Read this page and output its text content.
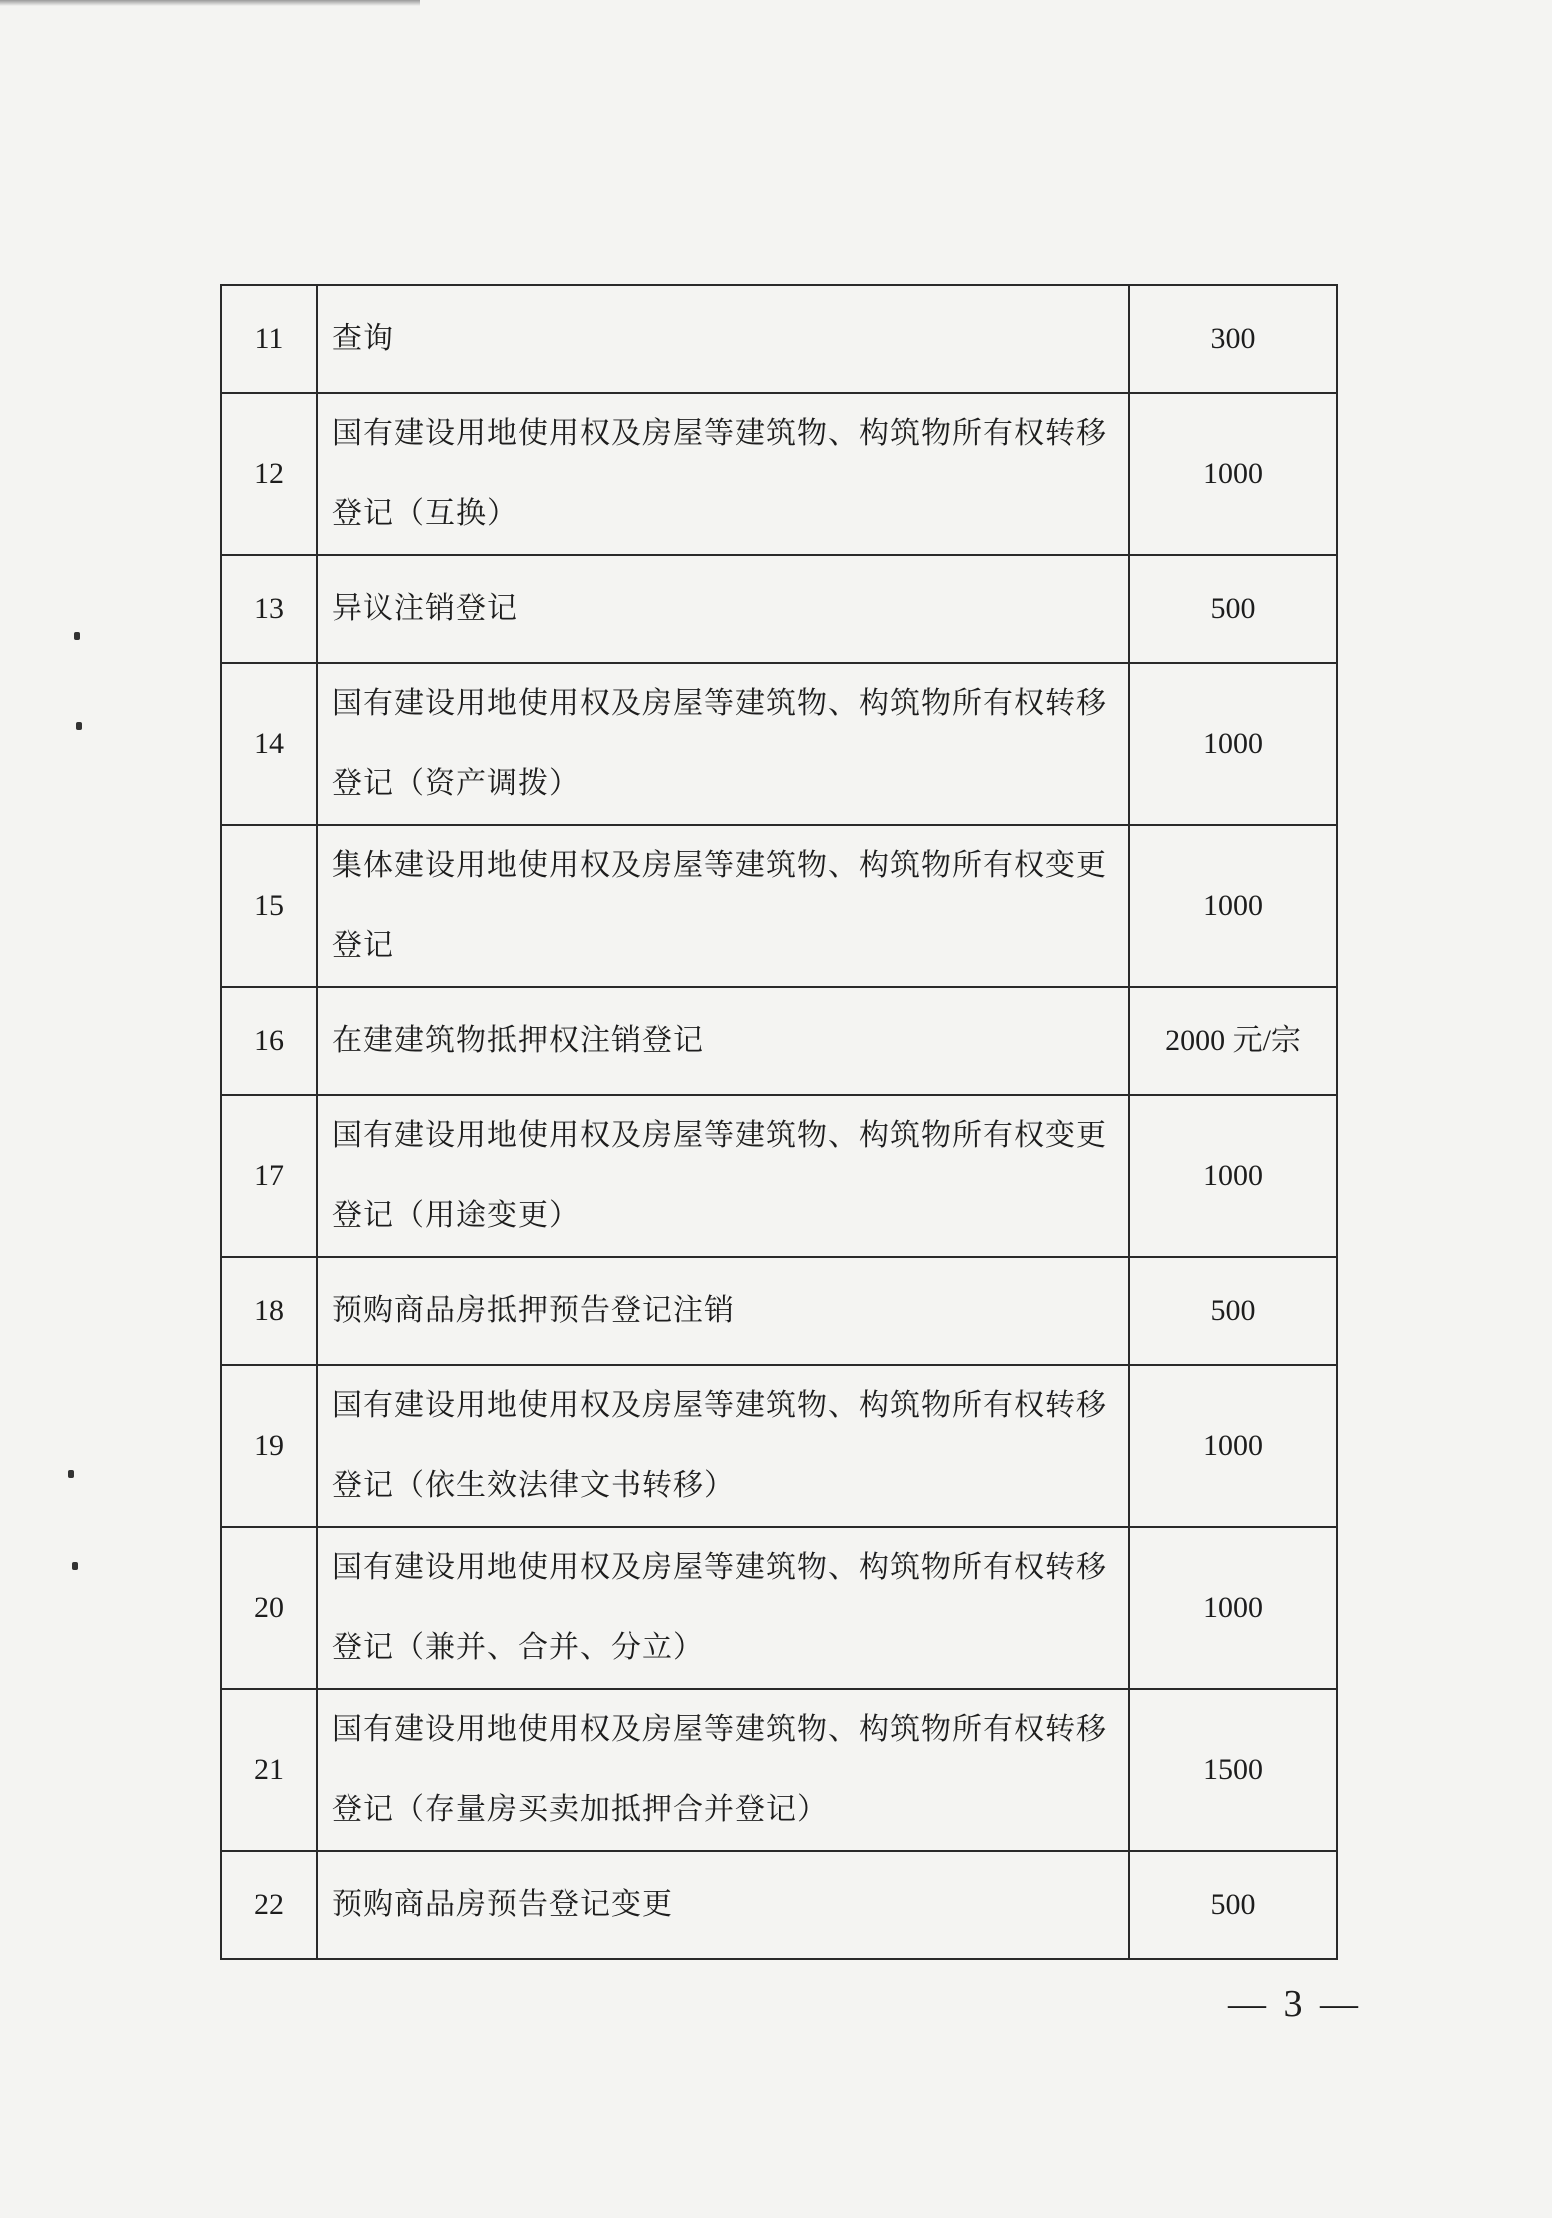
11	查询	300
12	国有建设用地使用权及房屋等建筑物、构筑物所有权转移登记（互换）	1000
13	异议注销登记	500
14	国有建设用地使用权及房屋等建筑物、构筑物所有权转移登记（资产调拨）	1000
15	集体建设用地使用权及房屋等建筑物、构筑物所有权变更登记	1000
16	在建建筑物抵押权注销登记	2000 元/宗
17	国有建设用地使用权及房屋等建筑物、构筑物所有权变更登记（用途变更）	1000
18	预购商品房抵押预告登记注销	500
19	国有建设用地使用权及房屋等建筑物、构筑物所有权转移登记（依生效法律文书转移）	1000
20	国有建设用地使用权及房屋等建筑物、构筑物所有权转移登记（兼并、合并、分立）	1000
21	国有建设用地使用权及房屋等建筑物、构筑物所有权转移登记（存量房买卖加抵押合并登记）	1500
22	预购商品房预告登记变更	500
— 3 —
